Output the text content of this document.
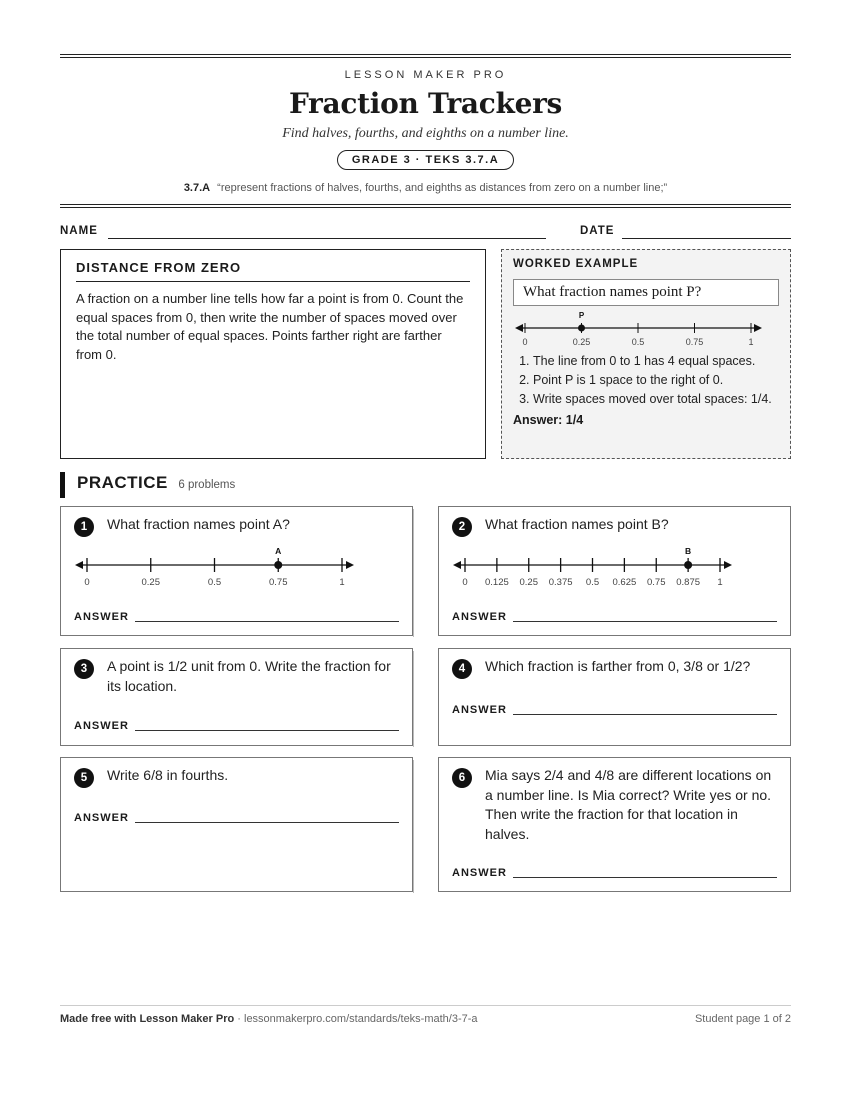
LESSON MAKER PRO
Fraction Trackers
Find halves, fourths, and eighths on a number line.
GRADE 3 · TEKS 3.7.A
3.7.A “represent fractions of halves, fourths, and eighths as distances from zero on a number line;”
NAME	DATE
DISTANCE FROM ZERO

A fraction on a number line tells how far a point is from 0. Count the equal spaces from 0, then write the number of spaces moved over the total number of equal spaces. Points farther right are farther from 0.

WORKED EXAMPLE
What fraction names point P?
0	0.25	0.5	0.75	1
P
1. The line from 0 to 1 has 4 equal spaces.
2. Point P is 1 space to the right of 0.
3. Write spaces moved over total spaces: 1/4.
Answer: 1/4
PRACTICE 6 problems
1	What fraction names point A?
0	0.25	0.5	0.75	1
A
ANSWER
2	What fraction names point B?
0 0.125 0.25 0.375 0.5 0.625 0.75 0.875 1
B
ANSWER
3	A point is 1/2 unit from 0. Write the fraction for its location.
ANSWER
4	Which fraction is farther from 0, 3/8 or 1/2?
ANSWER
5	Write 6/8 in fourths.
ANSWER
6	Mia says 2/4 and 4/8 are different locations on a number line. Is Mia correct? Write yes or no. Then write the fraction for that location in halves.
ANSWER
Made free with Lesson Maker Pro · lessonmakerpro.com/standards/teks-math/3-7-a	Student page 1 of 2
